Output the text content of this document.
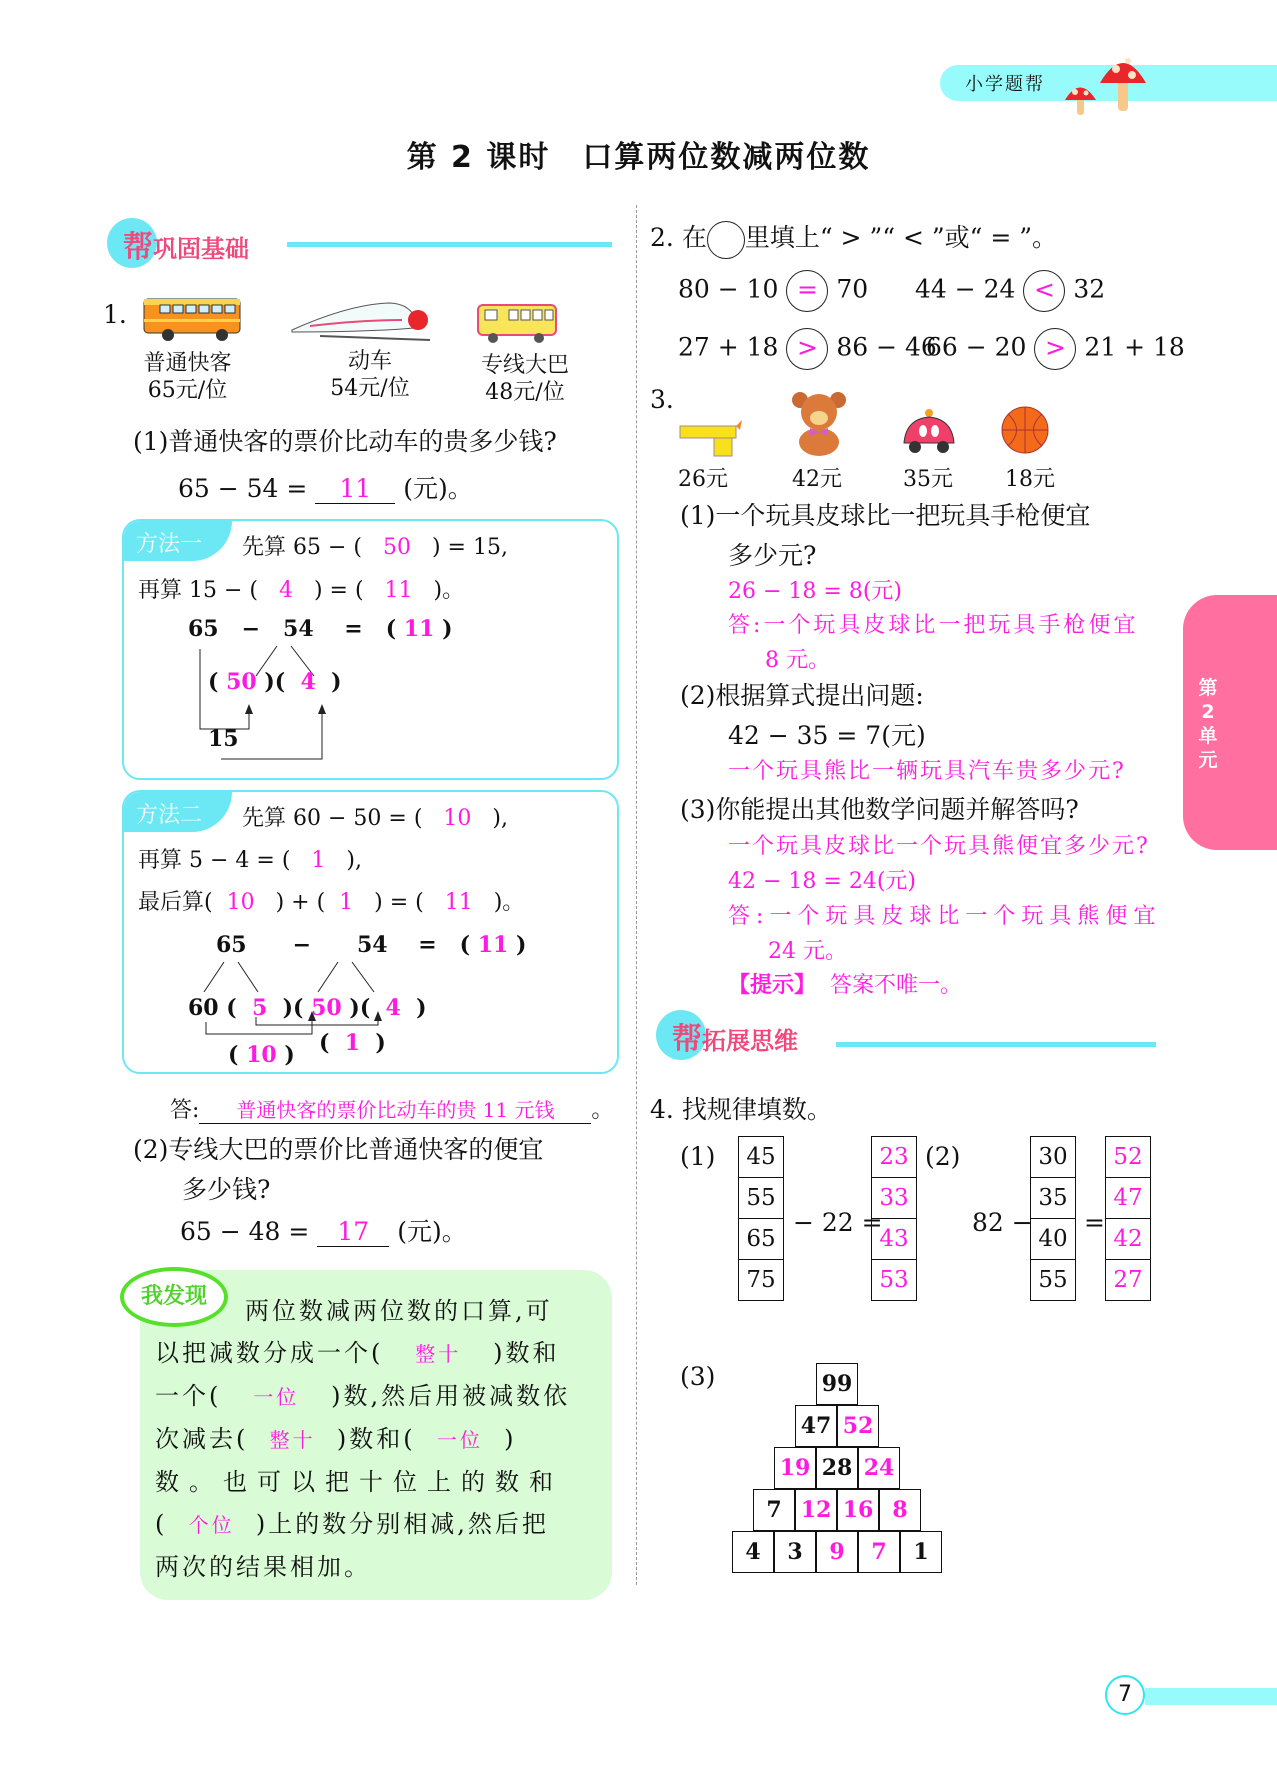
小学题帮
第 2 课时　口算两位数减两位数
帮巩固基础
1.
普通快客
65元/位
动车
54元/位
专线大巴
48元/位
(1)普通快客的票价比动车的贵多少钱?
65 − 54 = 11 (元)。
方法一	先算 65 − ( 50 ) = 15,
再算 15 − ( 4 ) = ( 11 )。
65 − 54 =   ( 11 )
( 50 )(  4  )
15
方法二	先算 60 − 50 = ( 10 ),
再算 5 − 4 = ( 1 ),
最后算( 10 ) + ( 1 ) = ( 11 )。
65 − 54 =   ( 11 )
60 (  5  )( 50 )(  4  )
( 10 ) (  1  )
答: 普通快客的票价比动车的贵 11 元钱 。
(2)专线大巴的票价比普通快客的便宜
多少钱?
65 − 48 = 17 (元)。
我发现
两位数减两位数的口算,可
以把减数分成一个( 整十 )数和
一个( 一位 )数,然后用被减数依
次减去( 整十 )数和( 一位 )
数。也可以把十位上的数和
( 个位 )上的数分别相减,然后把
两次的结果相加。
2. 在 里填上“ > ”“ < ”或“ = ”。
80 − 10 = 70 44 − 24 < 32
27 + 18 > 86 − 46
66 − 20 > 21 + 18
3.
26元	42元	35元 18元
(1)一个玩具皮球比一把玩具手枪便宜
多少元?
26 − 18 = 8(元)
答:一个玩具皮球比一把玩具手枪便宜
8 元。
(2)根据算式提出问题:
42 − 35 = 7(元)
一个玩具熊比一辆玩具汽车贵多少元?
(3)你能提出其他数学问题并解答吗?
一个玩具皮球比一个玩具熊便宜多少元?
42 − 18 = 24(元)
答:一个玩具皮球比一个玩具熊便宜
24 元。
【提示】 答案不唯一。
帮拓展思维
4. 找规律填数。
(1) 45
55
65
75
− 22 =
23
33
43
53
(2)
82 −
30
35
40
55
=
52
47
42
27
(3)	99
47 52
19 28 24
7 12 16 8
4	3	9	7	1
第
2
单
元
7
